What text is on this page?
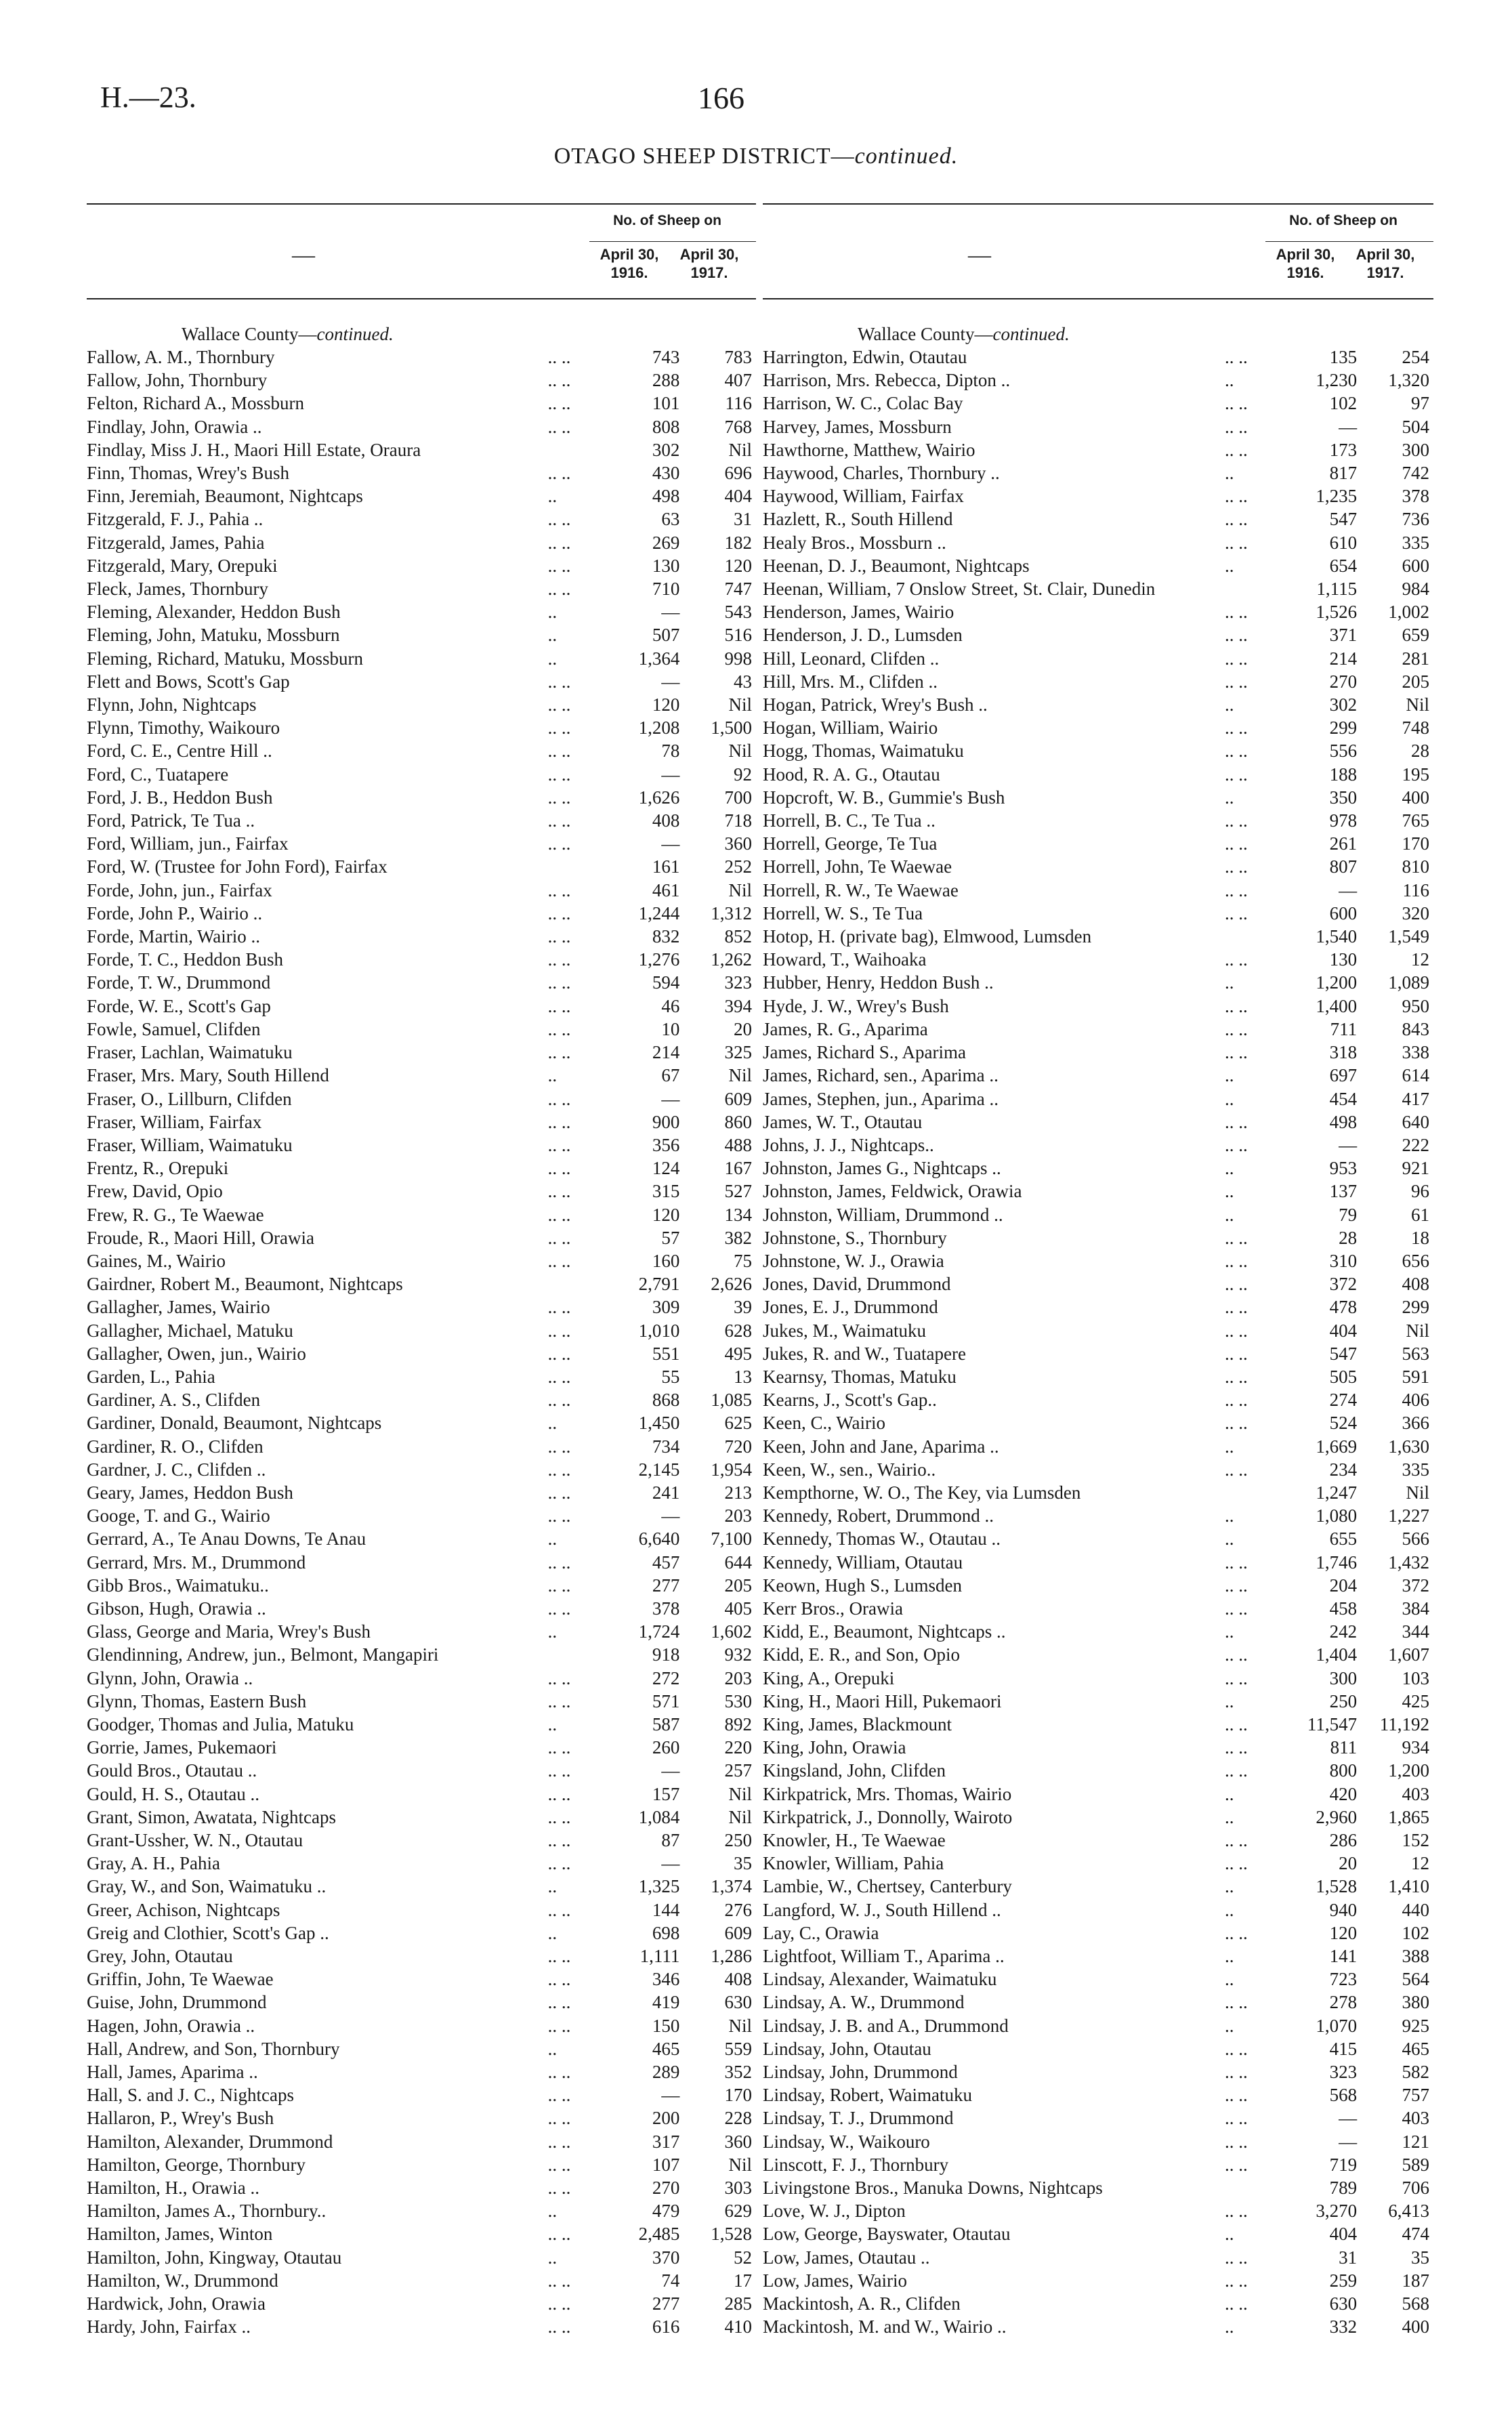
H.—23.	166
OTAGO SHEEP DISTRICT—continued.
—
No. of Sheep on
April 30, 1916.
April 30, 1917.
Wallace County—continued.
Fallow, A. M., Thornbury	.. ..	743	783
Fallow, John, Thornbury	.. ..	288	407
Felton, Richard A., Mossburn	.. ..	101	116
Findlay, John, Orawia ..	.. ..	808	768
Findlay, Miss J. H., Maori Hill Estate, Oraura	302	Nil
Finn, Thomas, Wrey's Bush	.. ..	430	696
Finn, Jeremiah, Beaumont, Nightcaps	..	498	404
Fitzgerald, F. J., Pahia ..	.. ..	63	31
Fitzgerald, James, Pahia	.. ..	269	182
Fitzgerald, Mary, Orepuki	.. ..	130	120
Fleck, James, Thornbury	.. ..	710	747
Fleming, Alexander, Heddon Bush	..	—	543
Fleming, John, Matuku, Mossburn	..	507	516
Fleming, Richard, Matuku, Mossburn	..	1,364	998
Flett and Bows, Scott's Gap	.. ..	—	43
Flynn, John, Nightcaps	.. ..	120	Nil
Flynn, Timothy, Waikouro	.. ..	1,208	1,500
Ford, C. E., Centre Hill ..	.. ..	78	Nil
Ford, C., Tuatapere	.. ..	—	92
Ford, J. B., Heddon Bush	.. ..	1,626	700
Ford, Patrick, Te Tua ..	.. ..	408	718
Ford, William, jun., Fairfax	.. ..	—	360
Ford, W. (Trustee for John Ford), Fairfax	161	252
Forde, John, jun., Fairfax	.. ..	461	Nil
Forde, John P., Wairio ..	.. ..	1,244	1,312
Forde, Martin, Wairio ..	.. ..	832	852
Forde, T. C., Heddon Bush	.. ..	1,276	1,262
Forde, T. W., Drummond	.. ..	594	323
Forde, W. E., Scott's Gap	.. ..	46	394
Fowle, Samuel, Clifden	.. ..	10	20
Fraser, Lachlan, Waimatuku	.. ..	214	325
Fraser, Mrs. Mary, South Hillend	..	67	Nil
Fraser, O., Lillburn, Clifden	.. ..	—	609
Fraser, William, Fairfax	.. ..	900	860
Fraser, William, Waimatuku	.. ..	356	488
Frentz, R., Orepuki	.. ..	124	167
Frew, David, Opio	.. ..	315	527
Frew, R. G., Te Waewae	.. ..	120	134
Froude, R., Maori Hill, Orawia	.. ..	57	382
Gaines, M., Wairio	.. ..	160	75
Gairdner, Robert M., Beaumont, Nightcaps	2,791	2,626
Gallagher, James, Wairio	.. ..	309	39
Gallagher, Michael, Matuku	.. ..	1,010	628
Gallagher, Owen, jun., Wairio	.. ..	551	495
Garden, L., Pahia	.. ..	55	13
Gardiner, A. S., Clifden	.. ..	868	1,085
Gardiner, Donald, Beaumont, Nightcaps	..	1,450	625
Gardiner, R. O., Clifden	.. ..	734	720
Gardner, J. C., Clifden ..	.. ..	2,145	1,954
Geary, James, Heddon Bush	.. ..	241	213
Googe, T. and G., Wairio	.. ..	—	203
Gerrard, A., Te Anau Downs, Te Anau	..	6,640	7,100
Gerrard, Mrs. M., Drummond	.. ..	457	644
Gibb Bros., Waimatuku..	.. ..	277	205
Gibson, Hugh, Orawia ..	.. ..	378	405
Glass, George and Maria, Wrey's Bush	..	1,724	1,602
Glendinning, Andrew, jun., Belmont, Mangapiri	918	932
Glynn, John, Orawia ..	.. ..	272	203
Glynn, Thomas, Eastern Bush	.. ..	571	530
Goodger, Thomas and Julia, Matuku	..	587	892
Gorrie, James, Pukemaori	.. ..	260	220
Gould Bros., Otautau ..	.. ..	—	257
Gould, H. S., Otautau ..	.. ..	157	Nil
Grant, Simon, Awatata, Nightcaps	.. ..	1,084	Nil
Grant-Ussher, W. N., Otautau	.. ..	87	250
Gray, A. H., Pahia	.. ..	—	35
Gray, W., and Son, Waimatuku ..	..	1,325	1,374
Greer, Achison, Nightcaps	.. ..	144	276
Greig and Clothier, Scott's Gap ..	..	698	609
Grey, John, Otautau	.. ..	1,111	1,286
Griffin, John, Te Waewae	.. ..	346	408
Guise, John, Drummond	.. ..	419	630
Hagen, John, Orawia ..	.. ..	150	Nil
Hall, Andrew, and Son, Thornbury	..	465	559
Hall, James, Aparima ..	.. ..	289	352
Hall, S. and J. C., Nightcaps	.. ..	—	170
Hallaron, P., Wrey's Bush	.. ..	200	228
Hamilton, Alexander, Drummond	.. ..	317	360
Hamilton, George, Thornbury	.. ..	107	Nil
Hamilton, H., Orawia ..	.. ..	270	303
Hamilton, James A., Thornbury..	..	479	629
Hamilton, James, Winton	.. ..	2,485	1,528
Hamilton, John, Kingway, Otautau	..	370	52
Hamilton, W., Drummond	.. ..	74	17
Hardwick, John, Orawia	.. ..	277	285
Hardy, John, Fairfax ..	.. ..	616	410
—
No. of Sheep on
April 30, 1916.
April 30, 1917.
Wallace County—continued.
Harrington, Edwin, Otautau	.. ..	135	254
Harrison, Mrs. Rebecca, Dipton ..	..	1,230	1,320
Harrison, W. C., Colac Bay	.. ..	102	97
Harvey, James, Mossburn	.. ..	—	504
Hawthorne, Matthew, Wairio	.. ..	173	300
Haywood, Charles, Thornbury ..	..	817	742
Haywood, William, Fairfax	.. ..	1,235	378
Hazlett, R., South Hillend	.. ..	547	736
Healy Bros., Mossburn ..	.. ..	610	335
Heenan, D. J., Beaumont, Nightcaps	..	654	600
Heenan, William, 7 Onslow Street, St. Clair, Dunedin	1,115	984
Henderson, James, Wairio	.. ..	1,526	1,002
Henderson, J. D., Lumsden	.. ..	371	659
Hill, Leonard, Clifden ..	.. ..	214	281
Hill, Mrs. M., Clifden ..	.. ..	270	205
Hogan, Patrick, Wrey's Bush ..	..	302	Nil
Hogan, William, Wairio	.. ..	299	748
Hogg, Thomas, Waimatuku	.. ..	556	28
Hood, R. A. G., Otautau	.. ..	188	195
Hopcroft, W. B., Gummie's Bush	..	350	400
Horrell, B. C., Te Tua ..	.. ..	978	765
Horrell, George, Te Tua	.. ..	261	170
Horrell, John, Te Waewae	.. ..	807	810
Horrell, R. W., Te Waewae	.. ..	—	116
Horrell, W. S., Te Tua	.. ..	600	320
Hotop, H. (private bag), Elmwood, Lumsden	1,540	1,549
Howard, T., Waihoaka	.. ..	130	12
Hubber, Henry, Heddon Bush ..	..	1,200	1,089
Hyde, J. W., Wrey's Bush	.. ..	1,400	950
James, R. G., Aparima	.. ..	711	843
James, Richard S., Aparima	.. ..	318	338
James, Richard, sen., Aparima ..	..	697	614
James, Stephen, jun., Aparima ..	..	454	417
James, W. T., Otautau	.. ..	498	640
Johns, J. J., Nightcaps..	.. ..	—	222
Johnston, James G., Nightcaps ..	..	953	921
Johnston, James, Feldwick, Orawia	..	137	96
Johnston, William, Drummond ..	..	79	61
Johnstone, S., Thornbury	.. ..	28	18
Johnstone, W. J., Orawia	.. ..	310	656
Jones, David, Drummond	.. ..	372	408
Jones, E. J., Drummond	.. ..	478	299
Jukes, M., Waimatuku	.. ..	404	Nil
Jukes, R. and W., Tuatapere	.. ..	547	563
Kearnsy, Thomas, Matuku	.. ..	505	591
Kearns, J., Scott's Gap..	.. ..	274	406
Keen, C., Wairio	.. ..	524	366
Keen, John and Jane, Aparima ..	..	1,669	1,630
Keen, W., sen., Wairio..	.. ..	234	335
Kempthorne, W. O., The Key, via Lumsden	1,247	Nil
Kennedy, Robert, Drummond ..	..	1,080	1,227
Kennedy, Thomas W., Otautau ..	..	655	566
Kennedy, William, Otautau	.. ..	1,746	1,432
Keown, Hugh S., Lumsden	.. ..	204	372
Kerr Bros., Orawia	.. ..	458	384
Kidd, E., Beaumont, Nightcaps ..	..	242	344
Kidd, E. R., and Son, Opio	.. ..	1,404	1,607
King, A., Orepuki	.. ..	300	103
King, H., Maori Hill, Pukemaori	..	250	425
King, James, Blackmount	.. ..	11,547	11,192
King, John, Orawia	.. ..	811	934
Kingsland, John, Clifden	.. ..	800	1,200
Kirkpatrick, Mrs. Thomas, Wairio	..	420	403
Kirkpatrick, J., Donnolly, Wairoto	..	2,960	1,865
Knowler, H., Te Waewae	.. ..	286	152
Knowler, William, Pahia	.. ..	20	12
Lambie, W., Chertsey, Canterbury	..	1,528	1,410
Langford, W. J., South Hillend ..	..	940	440
Lay, C., Orawia	.. ..	120	102
Lightfoot, William T., Aparima ..	..	141	388
Lindsay, Alexander, Waimatuku	..	723	564
Lindsay, A. W., Drummond	.. ..	278	380
Lindsay, J. B. and A., Drummond	..	1,070	925
Lindsay, John, Otautau	.. ..	415	465
Lindsay, John, Drummond	.. ..	323	582
Lindsay, Robert, Waimatuku	.. ..	568	757
Lindsay, T. J., Drummond	.. ..	—	403
Lindsay, W., Waikouro	.. ..	—	121
Linscott, F. J., Thornbury	.. ..	719	589
Livingstone Bros., Manuka Downs, Nightcaps	789	706
Love, W. J., Dipton	.. ..	3,270	6,413
Low, George, Bayswater, Otautau	..	404	474
Low, James, Otautau ..	.. ..	31	35
Low, James, Wairio	.. ..	259	187
Mackintosh, A. R., Clifden	.. ..	630	568
Mackintosh, M. and W., Wairio ..	..	332	400
